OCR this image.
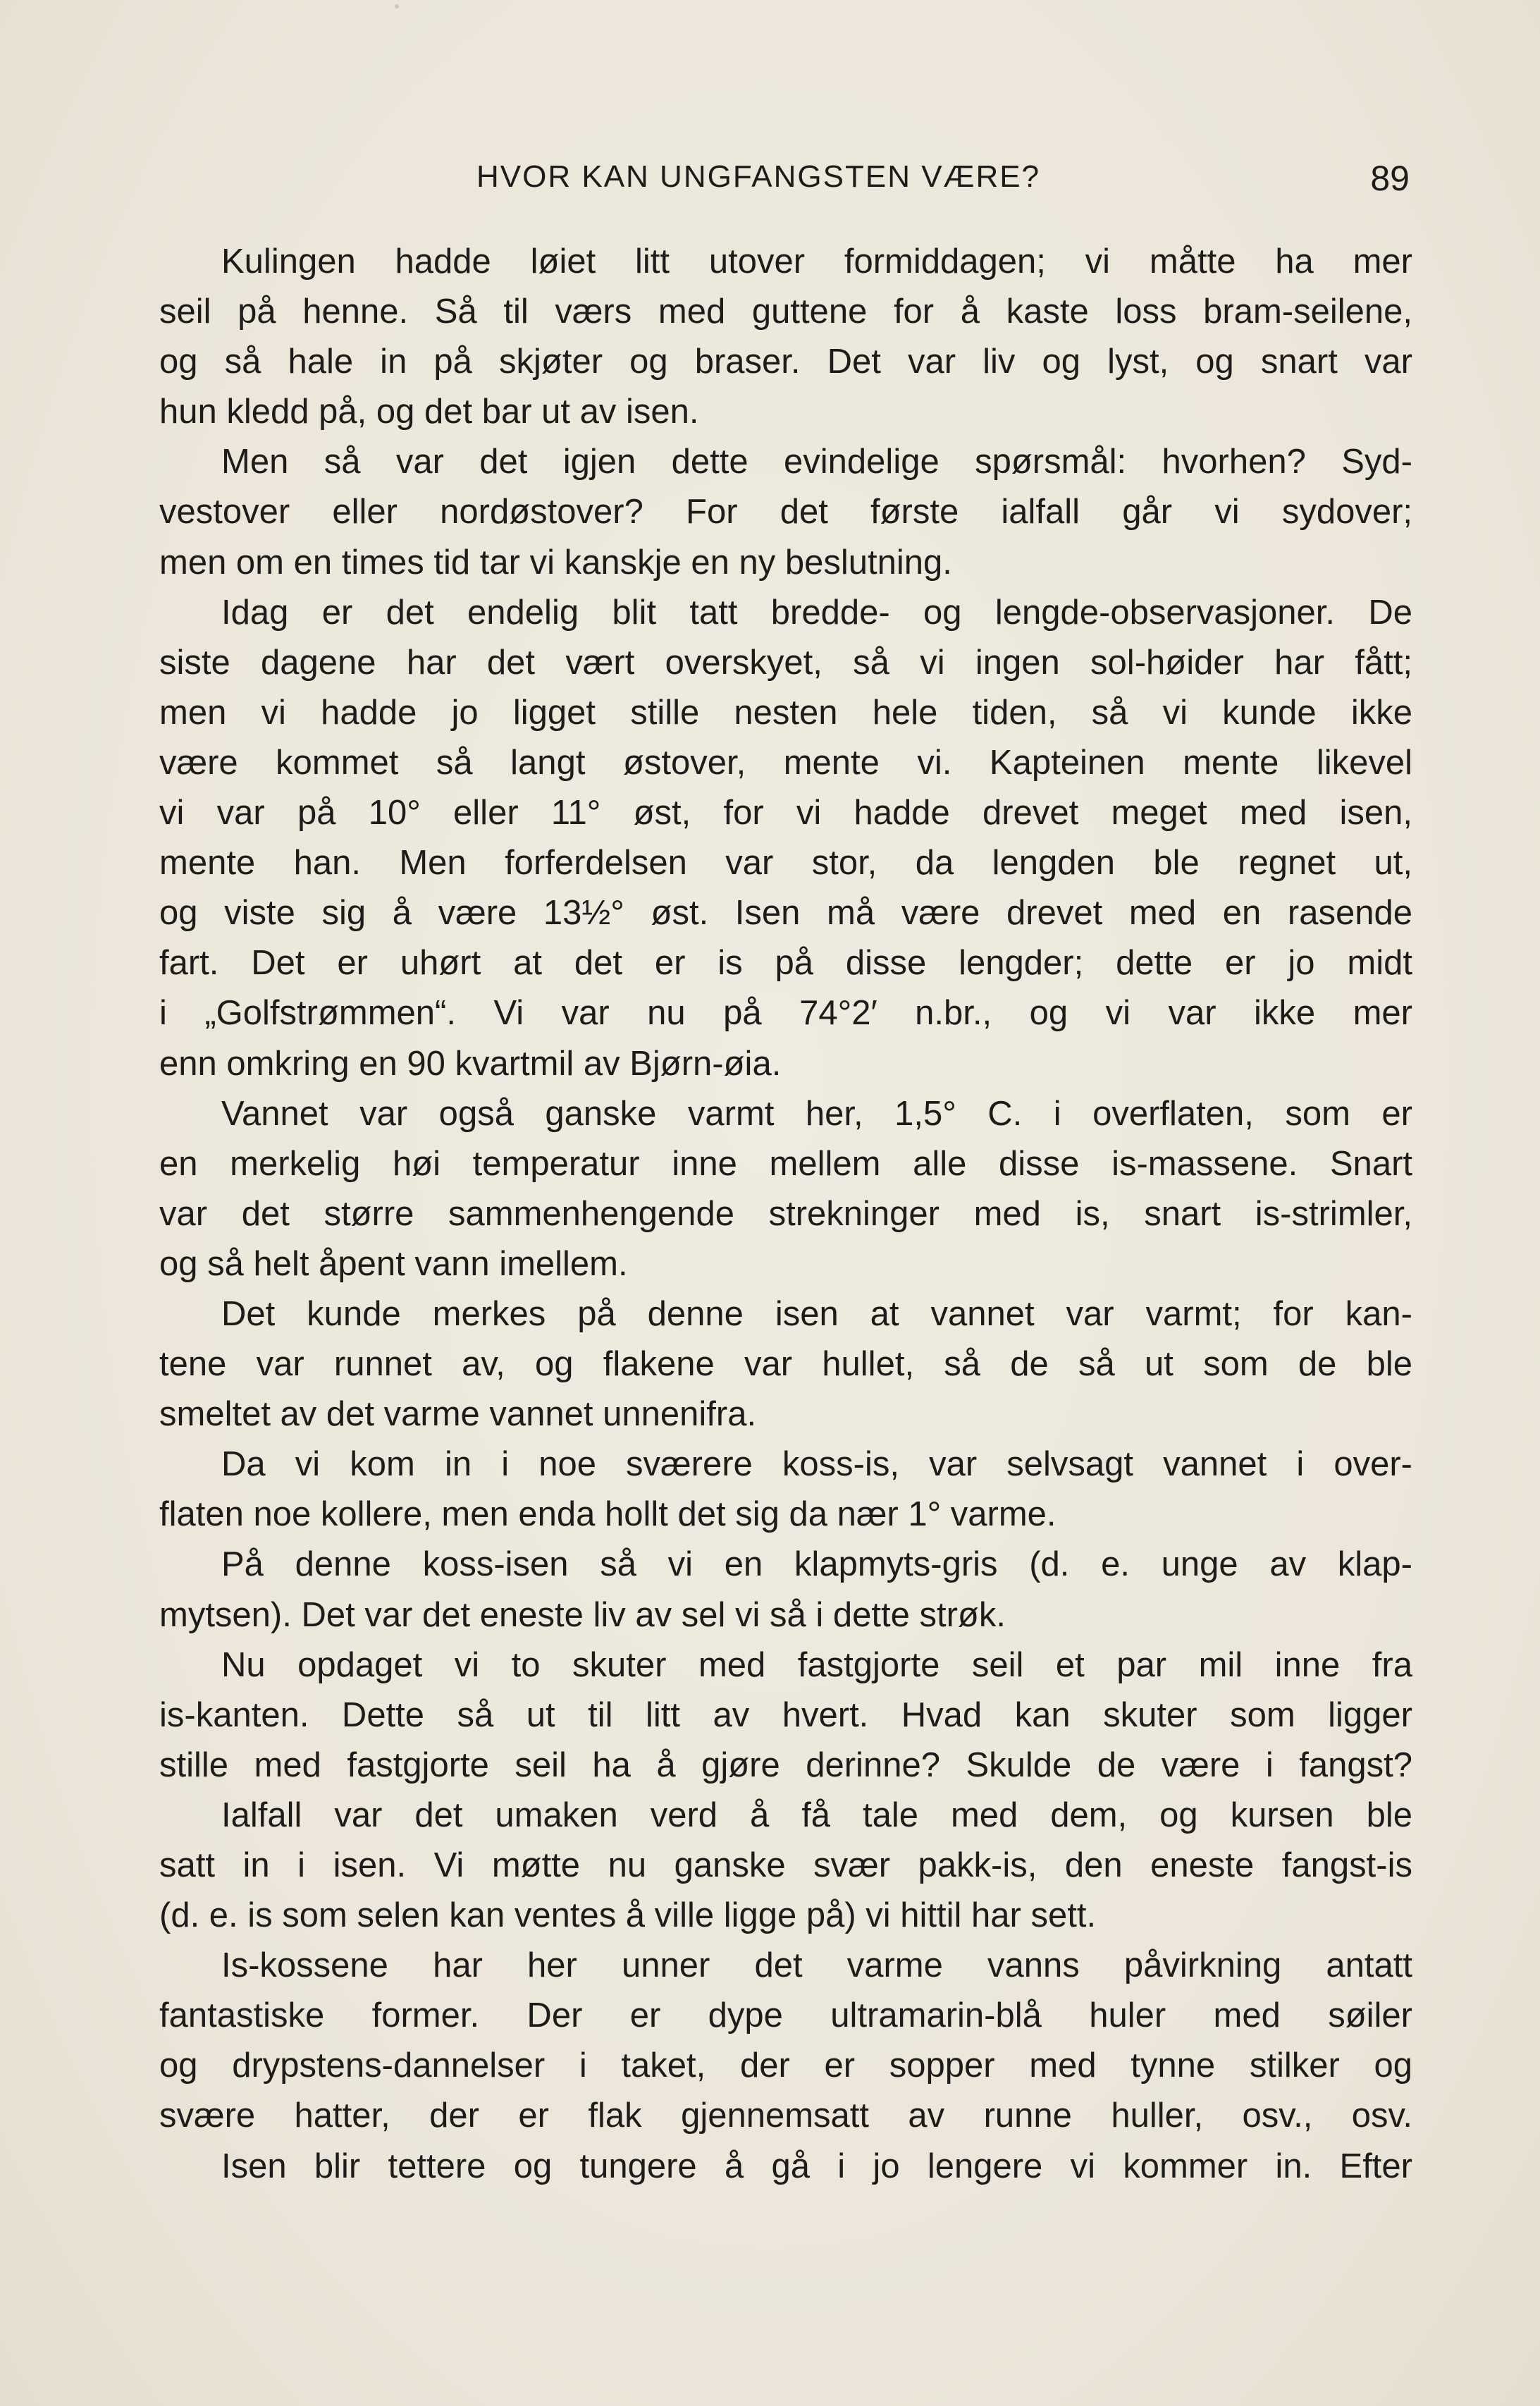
HVOR KAN UNGFANGSTEN VÆRE?	89
Kulingen hadde løiet litt utover formiddagen; vi måtte ha mer
seil på henne. Så til værs med guttene for å kaste loss bram-seilene,
og så hale in på skjøter og braser. Det var liv og lyst, og snart var
hun kledd på, og det bar ut av isen.
Men så var det igjen dette evindelige spørsmål: hvorhen? Syd-
vestover eller nordøstover? For det første ialfall går vi sydover;
men om en times tid tar vi kanskje en ny beslutning.
Idag er det endelig blit tatt bredde- og lengde-observasjoner. De
siste dagene har det vært overskyet, så vi ingen sol-høider har fått;
men vi hadde jo ligget stille nesten hele tiden, så vi kunde ikke
være kommet så langt østover, mente vi. Kapteinen mente likevel
vi var på 10° eller 11° øst, for vi hadde drevet meget med isen,
mente han. Men forferdelsen var stor, da lengden ble regnet ut,
og viste sig å være 13½° øst. Isen må være drevet med en rasende
fart. Det er uhørt at det er is på disse lengder; dette er jo midt
i „Golfstrømmen“. Vi var nu på 74°2′ n.br., og vi var ikke mer
enn omkring en 90 kvartmil av Bjørn-øia.
Vannet var også ganske varmt her, 1,5° C. i overflaten, som er
en merkelig høi temperatur inne mellem alle disse is-massene. Snart
var det større sammenhengende strekninger med is, snart is-strimler,
og så helt åpent vann imellem.
Det kunde merkes på denne isen at vannet var varmt; for kan-
tene var runnet av, og flakene var hullet, så de så ut som de ble
smeltet av det varme vannet unnenifra.
Da vi kom in i noe sværere koss-is, var selvsagt vannet i over-
flaten noe kollere, men enda hollt det sig da nær 1° varme.
På denne koss-isen så vi en klapmyts-gris (d. e. unge av klap-
mytsen). Det var det eneste liv av sel vi så i dette strøk.
Nu opdaget vi to skuter med fastgjorte seil et par mil inne fra
is-kanten. Dette så ut til litt av hvert. Hvad kan skuter som ligger
stille med fastgjorte seil ha å gjøre derinne? Skulde de være i fangst?
Ialfall var det umaken verd å få tale med dem, og kursen ble
satt in i isen. Vi møtte nu ganske svær pakk-is, den eneste fangst-is
(d. e. is som selen kan ventes å ville ligge på) vi hittil har sett.
Is-kossene har her unner det varme vanns påvirkning antatt
fantastiske former. Der er dype ultramarin-blå huler med søiler
og drypstens-dannelser i taket, der er sopper med tynne stilker og
svære hatter, der er flak gjennemsatt av runne huller, osv., osv.
Isen blir tettere og tungere å gå i jo lengere vi kommer in. Efter
